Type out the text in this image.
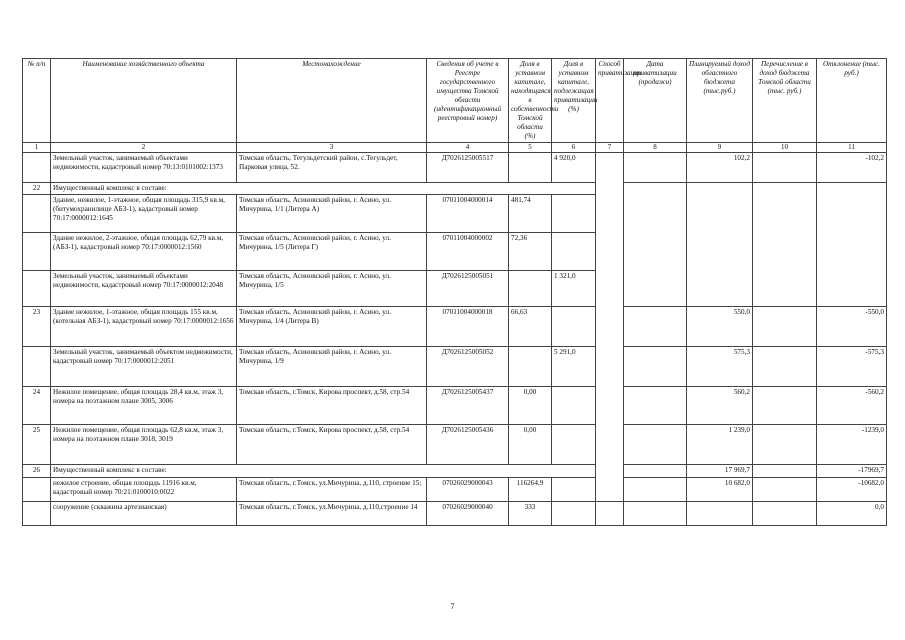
№ п/п	Наименование хозяйственного объекта	Местонахождение	Сведения об учете в Реестре государственного имущества Томской области (идентификационный реестровый номер)	Доля в уставном капитале, находящаяся в собственности Томской области (%)	Доля в уставном капитале, подлежащая приватизации (%)	Способ приватизации	Дата приватизации (продажи)	Планируемый доход областного бюджета (тыс.руб.)	Перечисление в доход бюджета Томской области (тыс. руб.)	Отклонение (тыс. руб.)
1	2	3	4	5	6	7	8	9	10	11
	Земельный участок, занимаемый объектами недвижимости, кадастровый номер 70:13:0101002:1373	Томская область, Тегульдетский район, с.Тегульдет, Парковая улица, 52.	Д7026125005517		4 920,0			102,2		-102,2
22	Имущественный комплекс в составе:									
	Здание, нежилое, 1-этажное, общая площадь 315,9 кв.м,(битумохранилище АБЗ-1), кадастровый номер 70:17:0000012:1645	Томская область, Асиновский район, г. Асино, ул. Мичурина, 1/1 (Литера А)	07011004000014	481,74						
	Здание нежилое, 2-этажное, общая площадь 62,79 кв.м, (АБЗ-1), кадастровый номер 70:17:0000012:1560	Томская область, Асиновский район, г. Асино, ул. Мичурина, 1/5 (Литера Г)	07011004000002	72,36						
	Земельный участок, занимаемый объектами недвижимости, кадастровый номер 70:17:0000012:2048	Томская область, Асиновский район, г. Асино, ул. Мичурина, 1/5	Д7026125005051		1 321,0					
23	Здание нежилое, 1-этажное, общая площадь 155 кв.м,(котельная АБЗ-1), кадастровый номер 70:17:0000012:1656	Томская область, Асиновский район, г. Асино, ул. Мичурина, 1/4 (Литера В)	07011004000018	66,63				550,0		-550,0
	Земельный участок, занимаемый объектом недвижимости, кадастровый номер 70:17:0000012:2051	Томская область, Асиновский район, г. Асино, ул. Мичурина, 1/9	Д7026125005052		5 291,0			575,3		-575,3
24	Нежилое помещение, общая площадь 28,4 кв.м, этаж 3, номера на поэтажном плане 3005, 3006	Томская область, г.Томск, Кирова проспект, д.58, стр.54	Д7026125005437	0,00				560,2		-560,2
25	Нежилое помещение, общая площадь 62,8 кв.м, этаж 3, номера на поэтажном плане 3018, 3019	Томская область, г.Томск, Кирова проспект, д.58, стр.54	Д7026125005436	0,00				1 239,0		-1239,0
26	Имущественный комплекс в составе:							17 969,7		-17969,7
	нежилое строение, общая площадь 11916 кв.м, кадастровый номер 70:21:0100010:0022	Томская область, г.Томск, ул.Мичурина, д.110, строение 15;	07026029000043	116264,9				10 682,0		-10682,0
	сооружение (скважина артезианская)	Томская область, г.Томск, ул.Мичурина, д.110,строение 14	07026029000040	333						0,0
7
